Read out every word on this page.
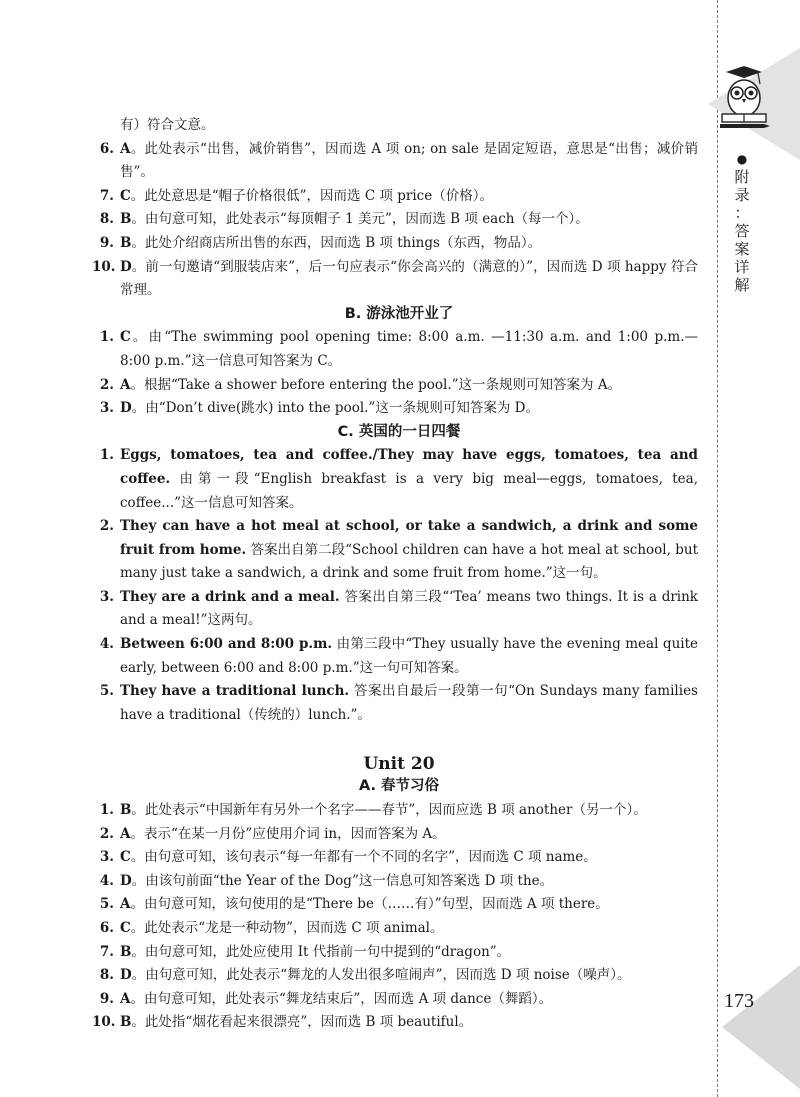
●
附
录
：
答
案
详
解
173
有）符合文意。
6. A。此处表示“出售，减价销售”，因而选 A 项 on; on sale 是固定短语，意思是“出售；减价销售”。
7. C。此处意思是“帽子价格很低”，因而选 C 项 price（价格）。
8. B。由句意可知，此处表示“每顶帽子 1 美元”，因而选 B 项 each（每一个）。
9. B。此处介绍商店所出售的东西，因而选 B 项 things（东西，物品）。
10. D。前一句邀请“到服装店来”，后一句应表示“你会高兴的（满意的）”，因而选 D 项 happy 符合常理。
B. 游泳池开业了
1. C。由“The swimming pool opening time: 8:00 a.m. —11:30 a.m. and 1:00 p.m.—8:00 p.m.”这一信息可知答案为 C。
2. A。根据“Take a shower before entering the pool.”这一条规则可知答案为 A。
3. D。由“Don’t dive(跳水) into the pool.”这一条规则可知答案为 D。
C. 英国的一日四餐
1. Eggs, tomatoes, tea and coffee./They may have eggs, tomatoes, tea and coffee. 由第一段“English breakfast is a very big meal—eggs, tomatoes, tea, coffee...”这一信息可知答案。
2. They can have a hot meal at school, or take a sandwich, a drink and some fruit from home. 答案出自第二段“School children can have a hot meal at school, but many just take a sandwich, a drink and some fruit from home.”这一句。
3. They are a drink and a meal. 答案出自第三段“‘Tea’ means two things. It is a drink and a meal!”这两句。
4. Between 6:00 and 8:00 p.m. 由第三段中“They usually have the evening meal quite early, between 6:00 and 8:00 p.m.”这一句可知答案。
5. They have a traditional lunch. 答案出自最后一段第一句“On Sundays many families have a traditional（传统的）lunch.”。
Unit 20
A. 春节习俗
1. B。此处表示“中国新年有另外一个名字——春节”，因而应选 B 项 another（另一个）。
2. A。表示“在某一月份”应使用介词 in，因而答案为 A。
3. C。由句意可知，该句表示“每一年都有一个不同的名字”，因而选 C 项 name。
4. D。由该句前面“the Year of the Dog”这一信息可知答案选 D 项 the。
5. A。由句意可知，该句使用的是“There be（……有）”句型，因而选 A 项 there。
6. C。此处表示“龙是一种动物”，因而选 C 项 animal。
7. B。由句意可知，此处应使用 It 代指前一句中提到的“dragon”。
8. D。由句意可知，此处表示“舞龙的人发出很多喧闹声”，因而选 D 项 noise（噪声）。
9. A。由句意可知，此处表示“舞龙结束后”，因而选 A 项 dance（舞蹈）。
10. B。此处指“烟花看起来很漂亮”，因而选 B 项 beautiful。
